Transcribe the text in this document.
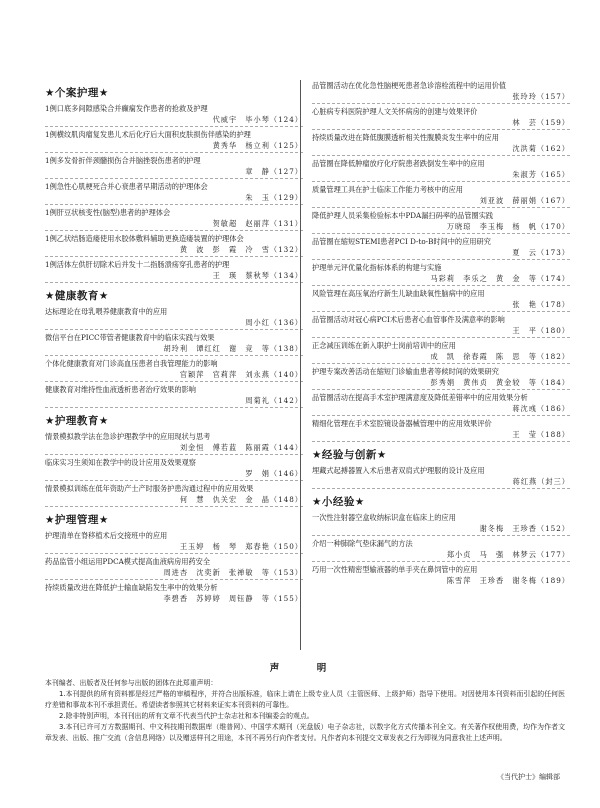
★个案护理★
1例口底多间隙感染合并癫痫发作患者的抢救及护理
代威宇　毕小琴（124）
1例横纹肌肉瘤复发患儿术后化疗后大面积皮肤损伤伴感染的护理
黄秀华　杨立利（125）
1例多发骨折伴颈髓损伤合并脑挫裂伤患者的护理
章　静（127）
1例急性心肌梗死合并心衰患者早期活动的护理体会
朱　玉（129）
1例肝豆状核变性(脑型)患者的护理体会
贺敏超　赵丽萍（131）
1例乙状结肠造瘘使用水胶体敷料辅助更换造瘘装置的护理体会
黄　波　彭　霞　冷　雪（132）
1例活体左供肝切除术后并发十二指肠溃疡穿孔患者的护理
王　瑛　蔡秋琴（134）
★健康教育★
达标理论在母乳喂养健康教育中的应用
周小红（136）
微信平台在PICC带管者健康教育中的临床实践与效果
胡玲利　谭红红　谢　竞　等（138）
个体化健康教育对门诊高血压患者自我管理能力的影响
官颖萍　官莉萍　刘永燕（140）
健康教育对维持性血液透析患者治疗效果的影响
周菊礼（142）
★护理教育★
情景模拟教学法在急诊护理教学中的应用现状与思考
刘金恒　傅若蓝　陈丽霞（144）
临床实习生须知在教学中的设计应用及效果观察
罗　娟（146）
情景模拟训练在低年资助产士产时服务护患沟通过程中的应用效果
何　慧　仇关宏　金　晶（148）
★护理管理★
护理清单在脊移植术后交接班中的应用
王玉婷　杨　琴　郑春艳（150）
药品监管小组运用PDCA模式提高血液病房用药安全
周进杏　沈奕新　张禅敏　等（153）
持续质量改进在降低护士输血缺陷发生率中的效果分析
李碧香　苏婷婷　周钰静　等（155）
品管圈活动在优化急性脑梗死患者急诊溶栓流程中的运用价值
张玲玲（157）
心脏病专科医院护理人文关怀病房的创建与效果评价
林　芸（159）
持续质量改进在降低腹膜透析相关性腹膜炎发生率中的应用
沈洪菊（162）
品管圈在降低肿瘤放疗化疗院患者跌倒发生率中的应用
朱淑芳（165）
质量管理工具在护士临床工作能力考核中的应用
刘亚波　薛丽娟（167）
降低护理人员采集检验标本中PDA漏扫码率的品管圈实践
万晓琼　李玉梅　杨　帆（170）
品管圈在缩短STEMI患者PCI D-to-B时间中的应用研究
夏　云（173）
护理单元评优量化指标体系的构建与实施
马彩莉　李乐之　黄　金　等（174）
风险管理在高压氧治疗新生儿缺血缺氧性脑病中的应用
张　艳（178）
品管圈活动对冠心病PCI术后患者心血管事件及满意率的影响
王　平（180）
正念减压训练在新入职护士岗前培训中的应用
成　凯　徐春霞　陈　思　等（182）
护理专案改善活动在缩短门诊输血患者等候时间的效果研究
彭秀娟　黄伟贞　黄金较　等（184）
品管圈活动在提高手术室护理满意度及降低差错率中的应用效果分析
蒋沈彧（186）
精细化管理在手术室腔镜设备器械管理中的应用效果评价
王　莹（188）
★经验与创新★
埋藏式起搏器置入术后患者双肩式护理服的设计及应用
蒋红燕（封三）
★小经验★
一次性注射器空盒收纳标识盒在临床上的应用
谢冬梅　王珍香（152）
介绍一种肺除气垫床漏气的方法
郑小贞　马　强　林梦云（177）
巧用一次性精密型输液器的单手夹在鼻饲管中的应用
陈雪萍　王珍香　谢冬梅（189）
声　明

本刊编者、出版者及任何参与出版的团体在此郑重声明：

1.本刊提供的所有资料都是经过严格的审稿程序，并符合出版标准，临床上请在上级专业人员（主管医师、上级护师）指导下使用。对因使用本刊资料而引起的任何医疗差错和事故本刊不承担责任。希望读者参照其它材料来证实本刊资料的可靠性。

2.除非特别声明，本刊刊出的所有文章不代表当代护士杂志社和本刊编委会的观点。

3.本刊已许可万方数据期刊、中文科技期刊数据库（维普网）、中国学术期刊（光盘版）电子杂志社，以数字化方式传播本刊全文。有关著作权使用费，均作为作者文章发表、出版、推广交流（含信息网络）以及赠送样刊之用途，本刊不再另行向作者支付。凡作者向本刊提交文章发表之行为即视为同意我社上述声明。

《当代护士》编辑部
